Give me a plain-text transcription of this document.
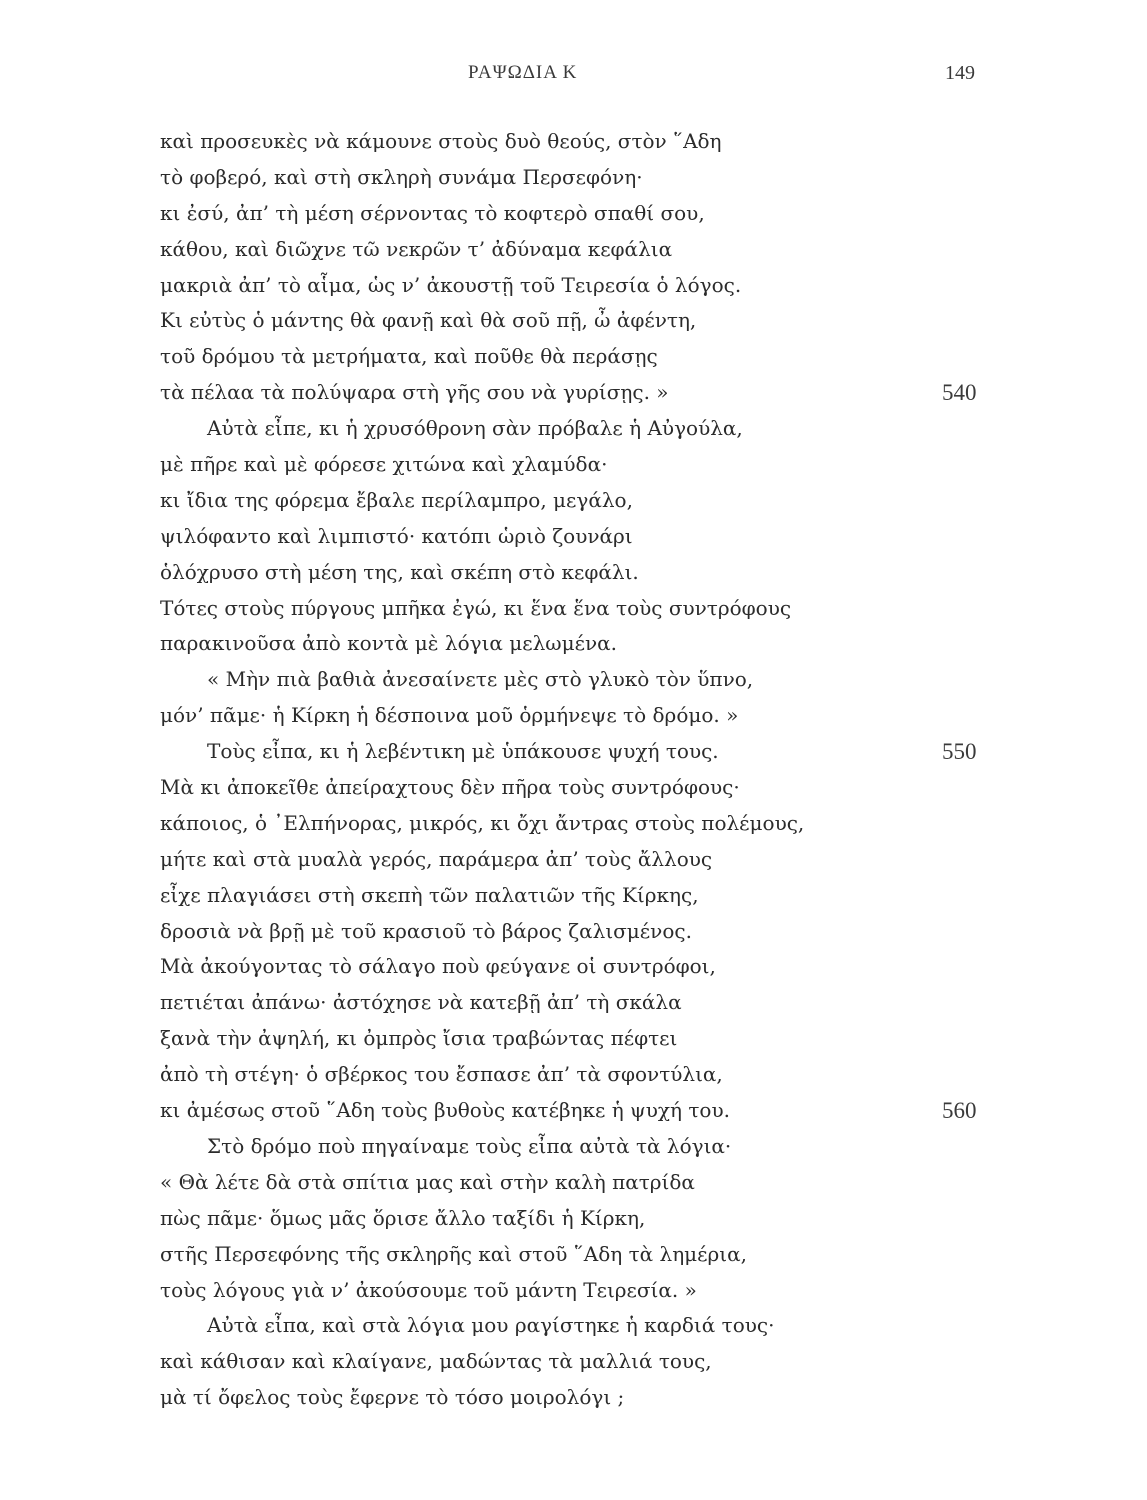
ΡΑΨΩΔΙΑ Κ	149
καὶ προσευκὲς νὰ κάμουνε στοὺς δυὸ θεούς, στὸν ῞Αδη
τὸ φοβερό, καὶ στὴ σκληρὴ συνάμα Περσεφόνη·
κι ἐσύ, ἀπ’ τὴ μέση σέρνοντας τὸ κοφτερὸ σπαθί σου,
κάθου, καὶ διῶχνε τῶ νεκρῶν τ’ ἀδύναμα κεφάλια
μακριὰ ἀπ’ τὸ αἷμα, ὡς ν’ ἀκουστῇ τοῦ Τειρεσία ὁ λόγος.
Κι εὐτὺς ὁ μάντης θὰ φανῇ καὶ θὰ σοῦ πῇ, ὦ ἀφέντη,
τοῦ δρόμου τὰ μετρήματα, καὶ ποῦθε θὰ περάσῃς
τὰ πέλαα τὰ πολύψαρα στὴ γῆς σου νὰ γυρίσῃς. »	540
Αὐτὰ εἶπε, κι ἡ χρυσόθρονη σὰν πρόβαλε ἡ Αὐγούλα,
μὲ πῆρε καὶ μὲ φόρεσε χιτώνα καὶ χλαμύδα·
κι ἴδια της φόρεμα ἔβαλε περίλαμπρο, μεγάλο,
ψιλόφαντο καὶ λιμπιστό· κατόπι ὡριὸ ζουνάρι
ὁλόχρυσο στὴ μέση της, καὶ σκέπη στὸ κεφάλι.
Τότες στοὺς πύργους μπῆκα ἐγώ, κι ἕνα ἕνα τοὺς συντρόφους
παρακινοῦσα ἀπὸ κοντὰ μὲ λόγια μελωμένα.
« Μὴν πιὰ βαθιὰ ἀνεσαίνετε μὲς στὸ γλυκὸ τὸν ὕπνο,
μόν’ πᾶμε· ἡ Κίρκη ἡ δέσποινα μοῦ ὁρμήνεψε τὸ δρόμο. »
Τοὺς εἶπα, κι ἡ λεβέντικη μὲ ὑπάκουσε ψυχή τους.	550
Μὰ κι ἀποκεῖθε ἀπείραχτους δὲν πῆρα τοὺς συντρόφους·
κάποιος, ὁ ᾿Ελπήνορας, μικρός, κι ὄχι ἄντρας στοὺς πολέμους,
μήτε καὶ στὰ μυαλὰ γερός, παράμερα ἀπ’ τοὺς ἄλλους
εἶχε πλαγιάσει στὴ σκεπὴ τῶν παλατιῶν τῆς Κίρκης,
δροσιὰ νὰ βρῇ μὲ τοῦ κρασιοῦ τὸ βάρος ζαλισμένος.
Μὰ ἀκούγοντας τὸ σάλαγο ποὺ φεύγανε οἱ συντρόφοι,
πετιέται ἀπάνω· ἀστόχησε νὰ κατεβῇ ἀπ’ τὴ σκάλα
ξανὰ τὴν ἀψηλή, κι ὀμπρὸς ἴσια τραβώντας πέφτει
ἀπὸ τὴ στέγη· ὁ σβέρκος του ἔσπασε ἀπ’ τὰ σφοντύλια,
κι ἀμέσως στοῦ ῞Αδη τοὺς βυθοὺς κατέβηκε ἡ ψυχή του.	560
Στὸ δρόμο ποὺ πηγαίναμε τοὺς εἶπα αὐτὰ τὰ λόγια·
« Θὰ λέτε δὰ στὰ σπίτια μας καὶ στὴν καλὴ πατρίδα
πὼς πᾶμε· ὅμως μᾶς ὅρισε ἄλλο ταξίδι ἡ Κίρκη,
στῆς Περσεφόνης τῆς σκληρῆς καὶ στοῦ ῞Αδη τὰ λημέρια,
τοὺς λόγους γιὰ ν’ ἀκούσουμε τοῦ μάντη Τειρεσία. »
Αὐτὰ εἶπα, καὶ στὰ λόγια μου ραγίστηκε ἡ καρδιά τους·
καὶ κάθισαν καὶ κλαίγανε, μαδώντας τὰ μαλλιά τους,
μὰ τί ὄφελος τοὺς ἔφερνε τὸ τόσο μοιρολόγι ;
